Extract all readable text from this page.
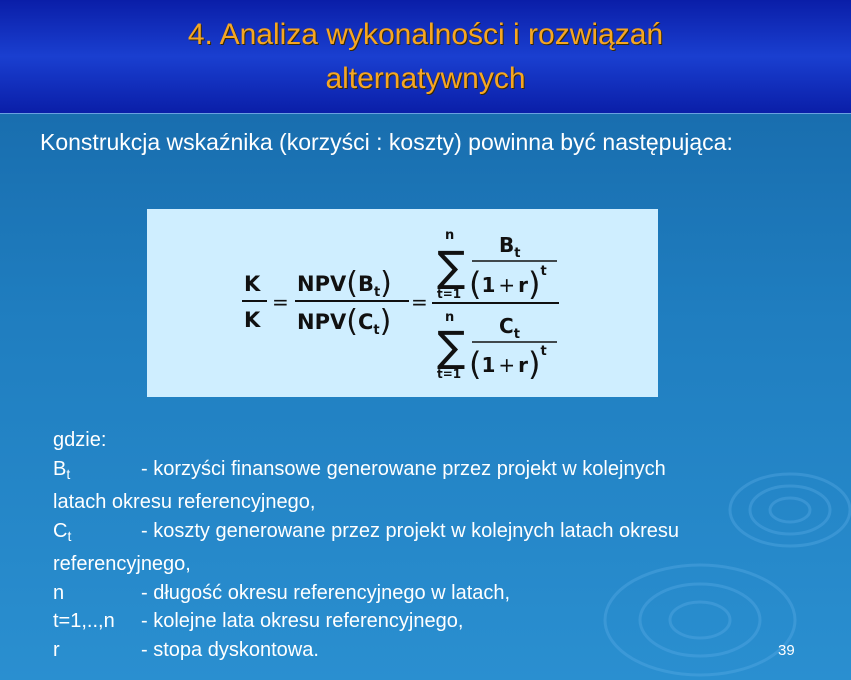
4. Analiza wykonalności i rozwiązań alternatywnych
Konstrukcja wskaźnika (korzyści : koszty) powinna być następująca:
K
K
=
$NPV(B_t)$
$NPV(C_t)$
=
n
∑
t=1
$B_t$
$(1 + r)^t$
n
∑
t=1
$C_t$
$(1 + r)^t$
gdzie:
$B_t$	- korzyści finansowe generowane przez projekt w kolejnych
latach okresu referencyjnego,
$C_t$	- koszty generowane przez projekt w kolejnych latach okresu
referencyjnego,
n	- długość okresu referencyjnego w latach,
t=1,..,n - kolejne lata okresu referencyjnego,
r	- stopa dyskontowa.	39
